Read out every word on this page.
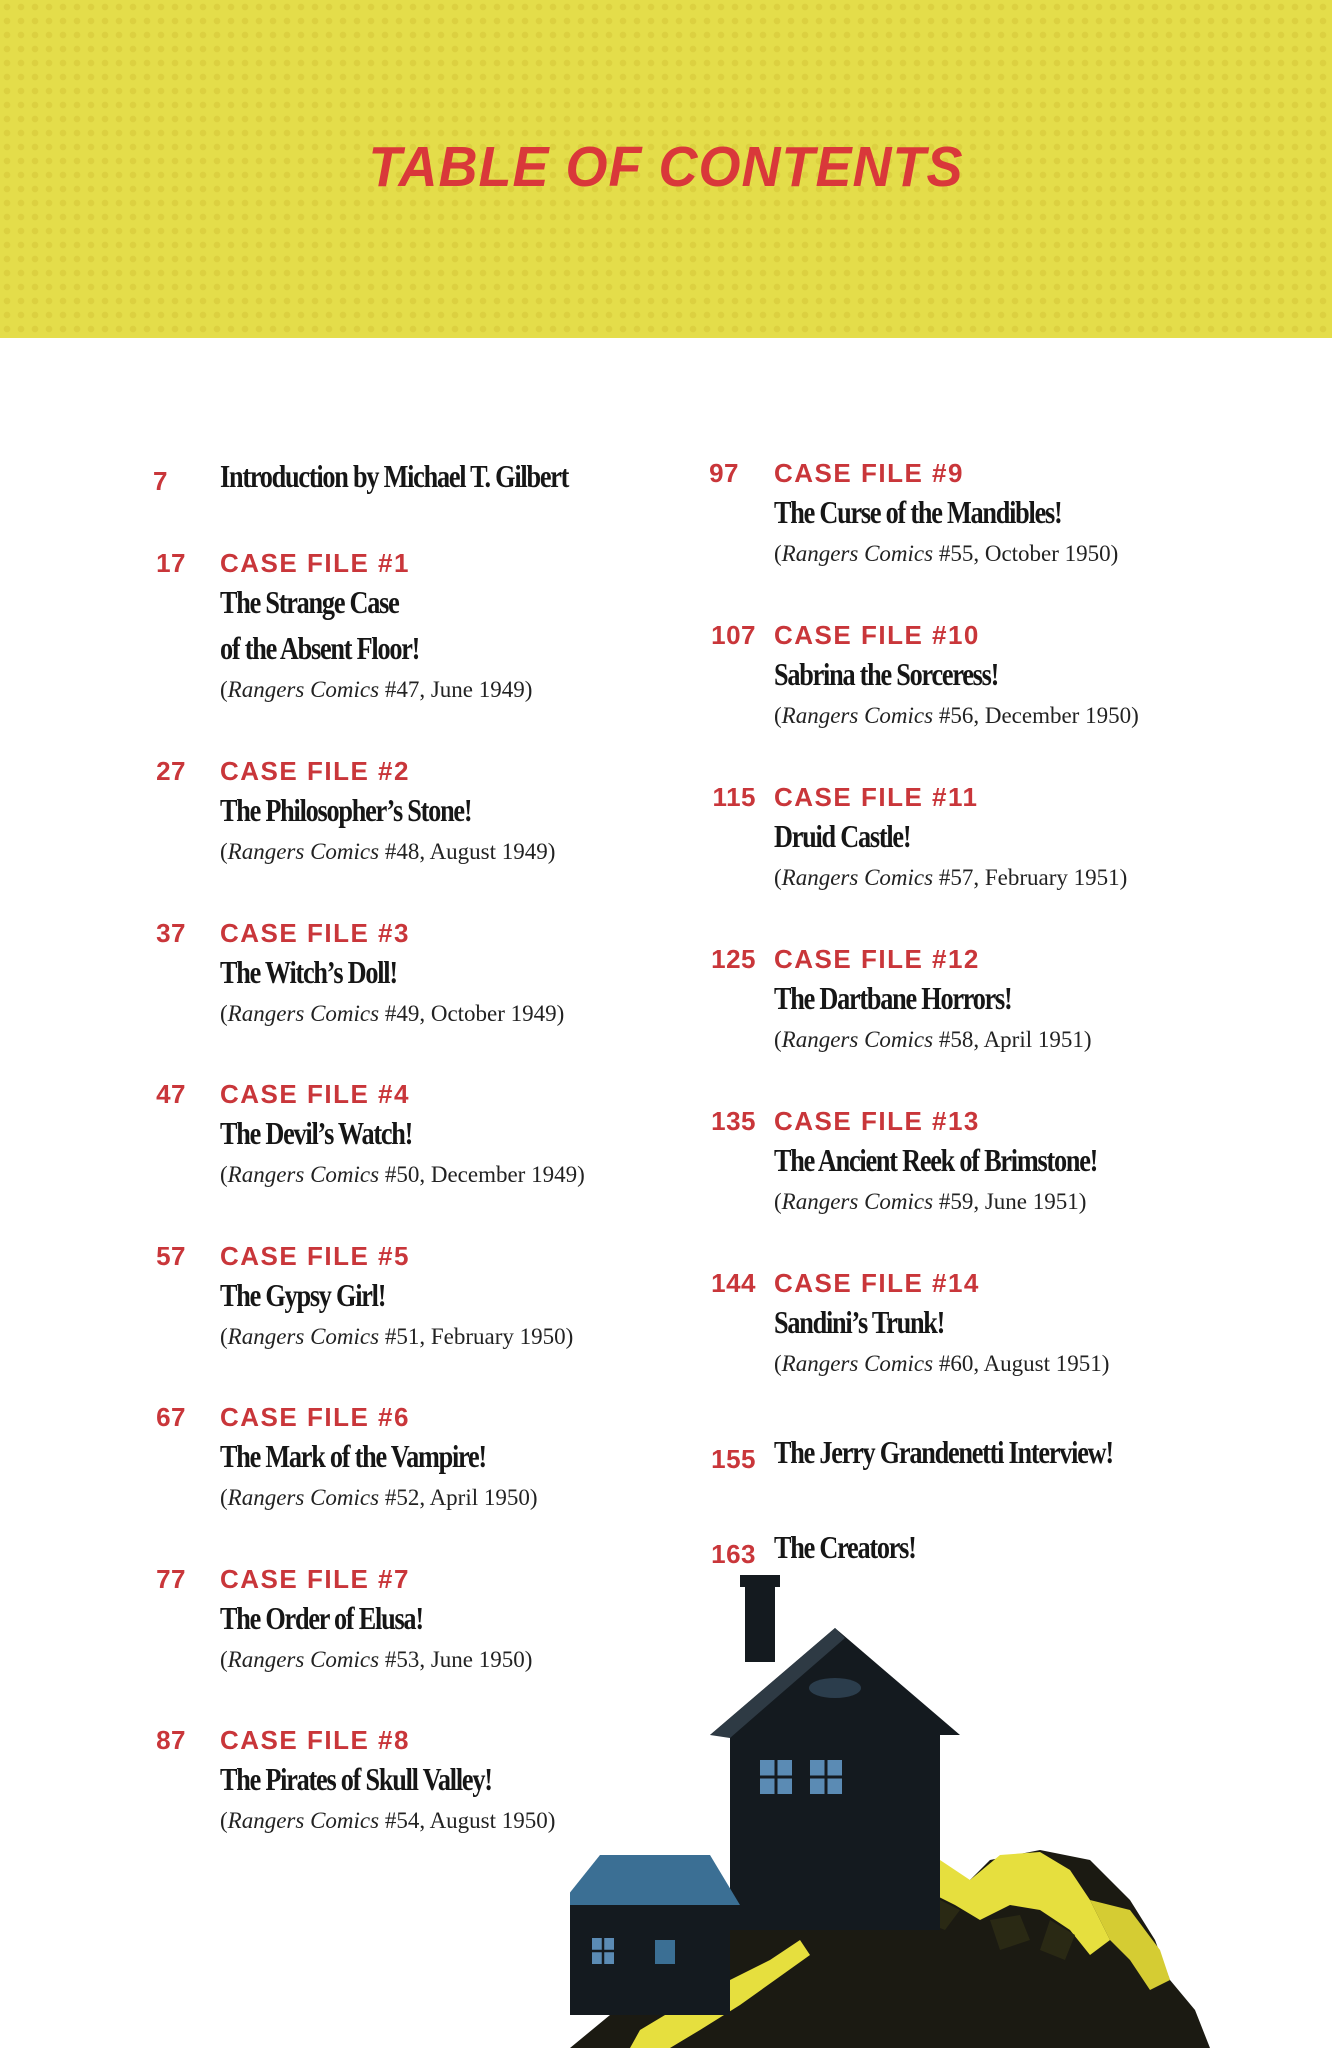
TABLE OF CONTENTS
7 Introduction by Michael T. Gilbert
17 CASE FILE #1
The Strange Case
of the Absent Floor!
(Rangers Comics #47, June 1949)
27 CASE FILE #2
The Philosopher’s Stone!
(Rangers Comics #48, August 1949)
37 CASE FILE #3
The Witch’s Doll!
(Rangers Comics #49, October 1949)
47 CASE FILE #4
The Devil’s Watch!
(Rangers Comics #50, December 1949)
57 CASE FILE #5
The Gypsy Girl!
(Rangers Comics #51, February 1950)
67 CASE FILE #6
The Mark of the Vampire!
(Rangers Comics #52, April 1950)
77 CASE FILE #7
The Order of Elusa!
(Rangers Comics #53, June 1950)
87 CASE FILE #8
The Pirates of Skull Valley!
(Rangers Comics #54, August 1950)
97 CASE FILE #9
The Curse of the Mandibles!
(Rangers Comics #55, October 1950)
107 CASE FILE #10
Sabrina the Sorceress!
(Rangers Comics #56, December 1950)
115 CASE FILE #11
Druid Castle!
(Rangers Comics #57, February 1951)
125 CASE FILE #12
The Dartbane Horrors!
(Rangers Comics #58, April 1951)
135 CASE FILE #13
The Ancient Reek of Brimstone!
(Rangers Comics #59, June 1951)
144 CASE FILE #14
Sandini’s Trunk!
(Rangers Comics #60, August 1951)
155 The Jerry Grandenetti Interview!
163 The Creators!
